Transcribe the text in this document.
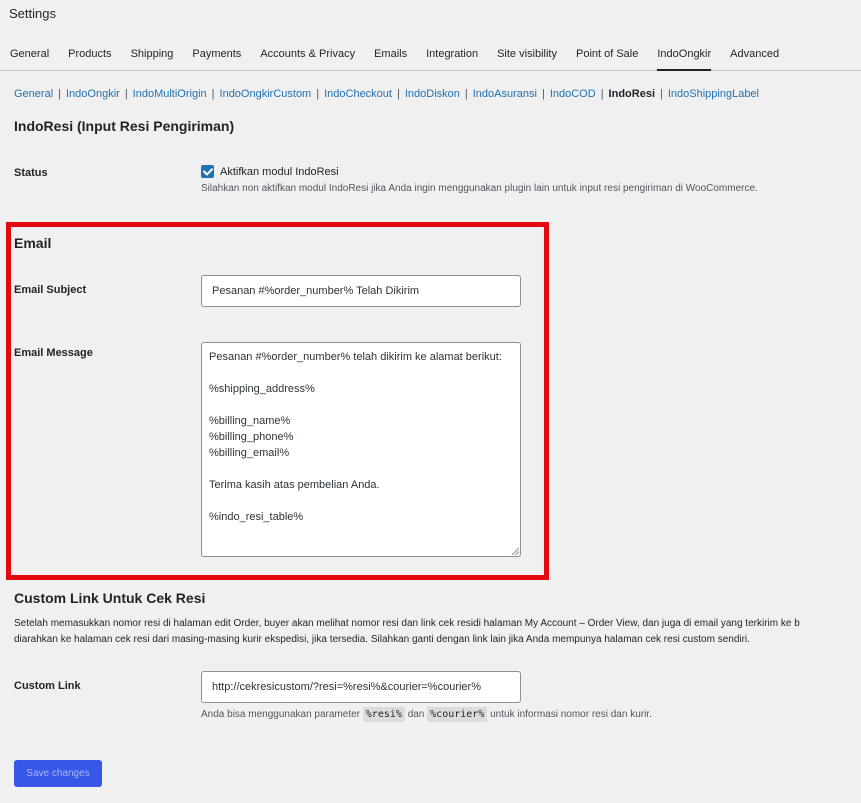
Settings
General Products Shipping Payments Accounts & Privacy Emails Integration Site visibility Point of Sale IndoOngkir Advanced
General | IndoOngkir | IndoMultiOrigin | IndoOngkirCustom | IndoCheckout | IndoDiskon | IndoAsuransi | IndoCOD | IndoResi | IndoShippingLabel
IndoResi (Input Resi Pengiriman)
Status	Aktifkan modul IndoResi
Silahkan non aktifkan modul IndoResi jika Anda ingin menggunakan plugin lain untuk input resi pengiriman di WooCommerce.
Email
Email Subject	Pesanan #%order_number% Telah Dikirim
Email Message	Pesanan #%order_number% telah dikirim ke alamat berikut:

%shipping_address%

%billing_name%
%billing_phone%
%billing_email%

Terima kasih atas pembelian Anda.

%indo_resi_table%
Custom Link Untuk Cek Resi
Setelah memasukkan nomor resi di halaman edit Order, buyer akan melihat nomor resi dan link cek residi halaman My Account – Order View, dan juga di email yang terkirim ke b
diarahkan ke halaman cek resi dari masing-masing kurir ekspedisi, jika tersedia. Silahkan ganti dengan link lain jika Anda mempunya halaman cek resi custom sendiri.
Custom Link	http://cekresicustom/?resi=%resi%&courier=%courier%
Anda bisa menggunakan parameter %resi% dan %courier% untuk informasi nomor resi dan kurir.
Save changes
